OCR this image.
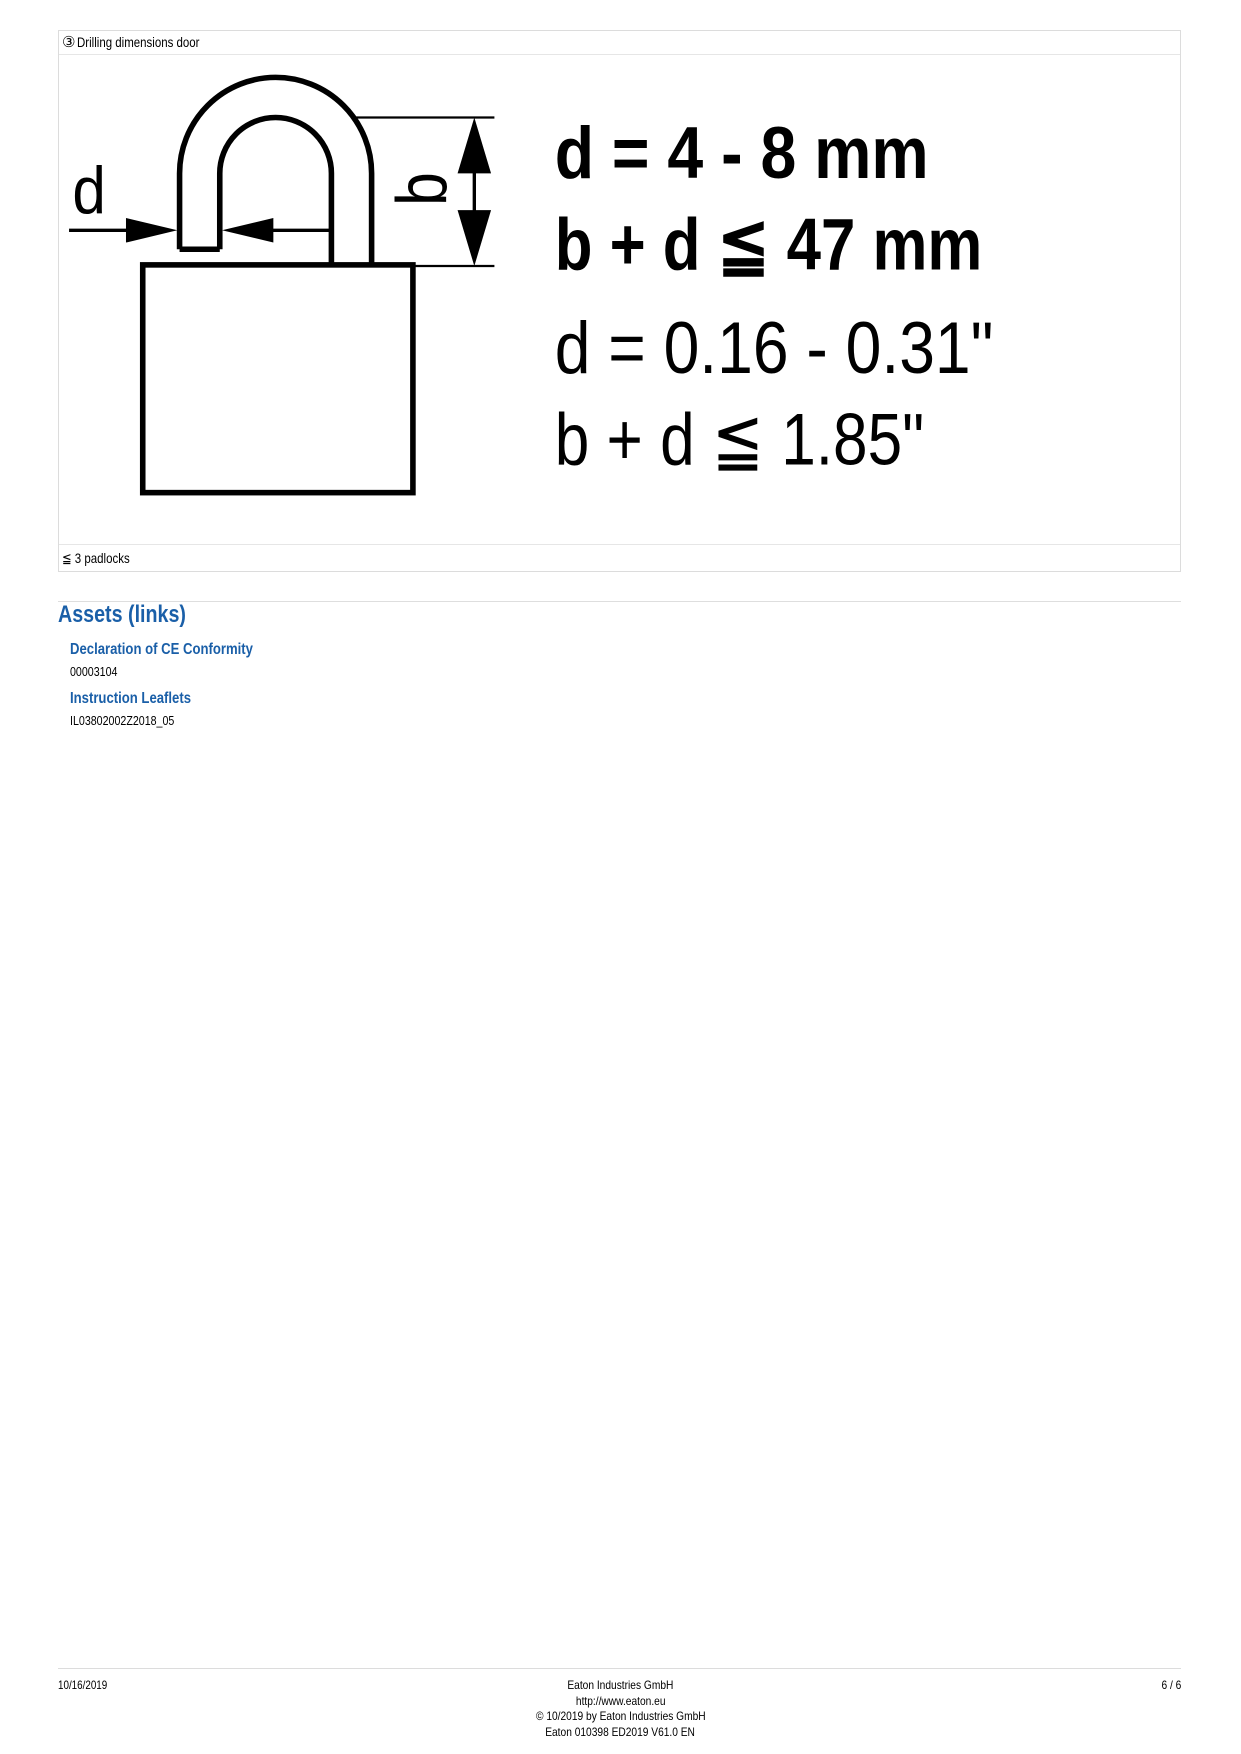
③ Drilling dimensions door
d	b d = 4 - 8 mm
b + d ≦ 47 mm
d = 0.16 - 0.31"
b + d ≦ 1.85"
≦ 3 padlocks
Assets (links)
Declaration of CE Conformity
00003104
Instruction Leaflets
IL03802002Z2018_05
10/16/2019	Eaton Industries GmbH
http://www.eaton.eu
© 10/2019 by Eaton Industries GmbH
Eaton 010398 ED2019 V61.0 EN
6 / 6
